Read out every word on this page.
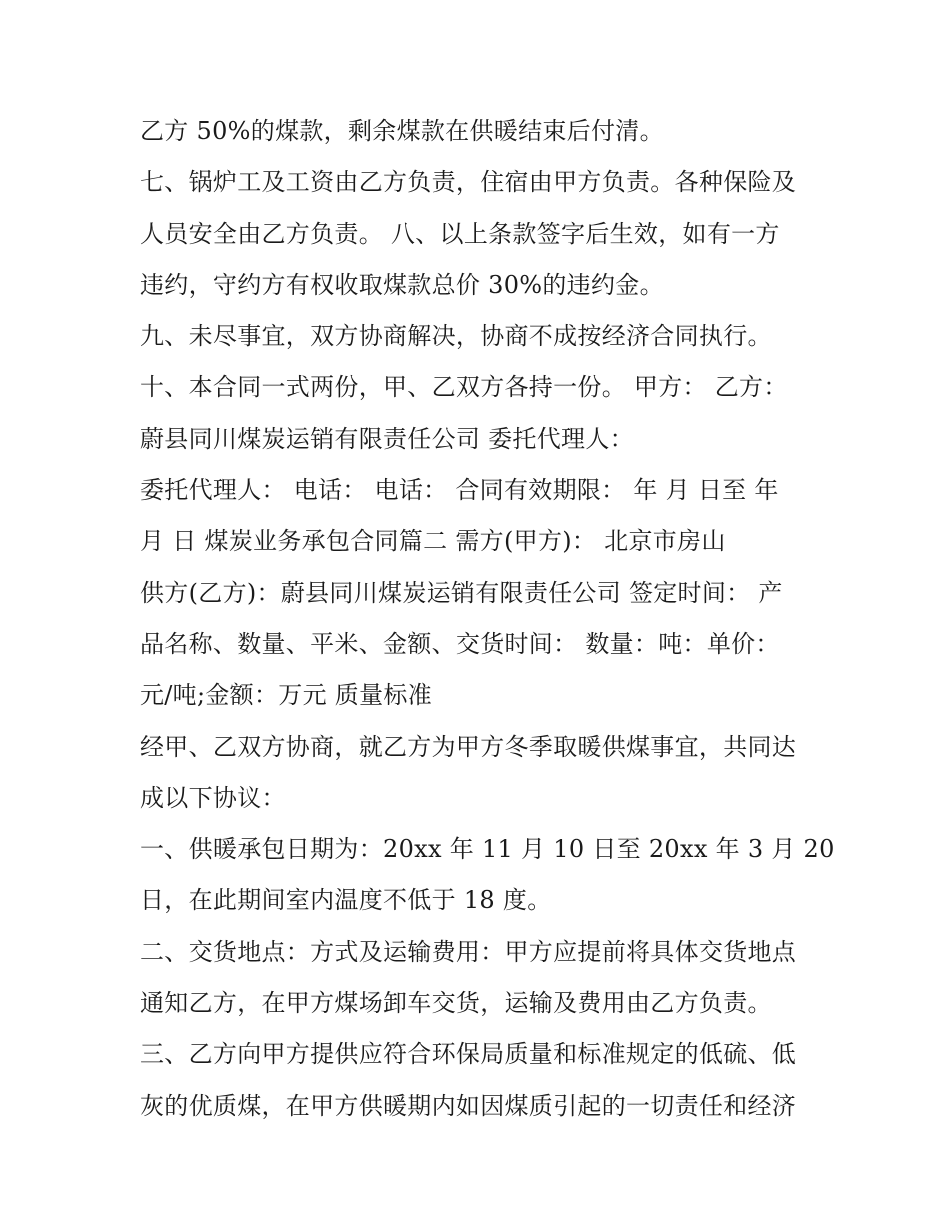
乙方 50%的煤款，剩余煤款在供暖结束后付清。
七、锅炉工及工资由乙方负责，住宿由甲方负责。各种保险及
人员安全由乙方负责。 八、以上条款签字后生效，如有一方
违约，守约方有权收取煤款总价 30%的违约金。
九、未尽事宜，双方协商解决，协商不成按经济合同执行。
十、本合同一式两份，甲、乙双方各持一份。 甲方： 乙方：
蔚县同川煤炭运销有限责任公司 委托代理人：
委托代理人： 电话： 电话： 合同有效期限： 年 月 日至 年
月 日 煤炭业务承包合同篇二 需方(甲方)： 北京市房山
供方(乙方)：蔚县同川煤炭运销有限责任公司 签定时间： 产
品名称、数量、平米、金额、交货时间： 数量：吨：单价：
元/吨;金额：万元 质量标准
经甲、乙双方协商，就乙方为甲方冬季取暖供煤事宜，共同达
成以下协议：
一、供暖承包日期为：20xx 年 11 月 10 日至 20xx 年 3 月 20
日，在此期间室内温度不低于 18 度。
二、交货地点：方式及运输费用：甲方应提前将具体交货地点
通知乙方，在甲方煤场卸车交货，运输及费用由乙方负责。
三、乙方向甲方提供应符合环保局质量和标准规定的低硫、低
灰的优质煤，在甲方供暖期内如因煤质引起的一切责任和经济
